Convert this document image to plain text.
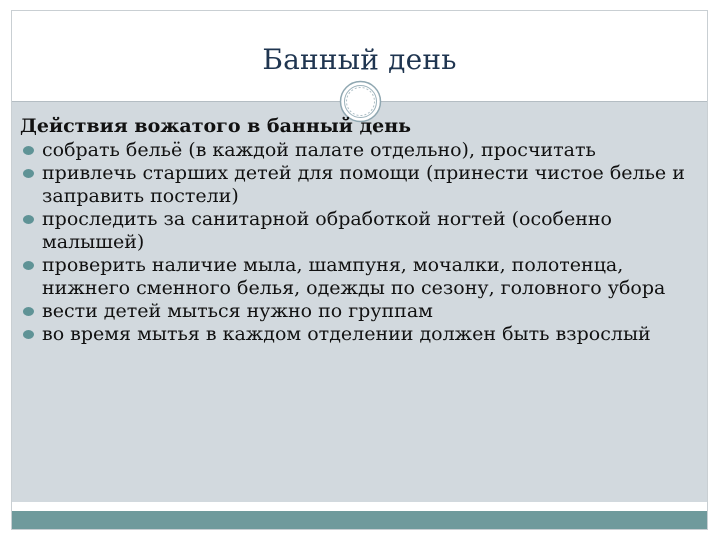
Банный день
Действия вожатого в банный день
собрать бельё (в каждой палате отдельно), просчитать
привлечь старших детей для помощи (принести чистое белье и заправить постели)
проследить за санитарной обработкой ногтей (особенно малышей)
проверить наличие мыла, шампуня, мочалки, полотенца, нижнего сменного белья, одежды по сезону, головного убора
вести детей мыться нужно по группам
во время мытья в каждом отделении должен быть взрослый
